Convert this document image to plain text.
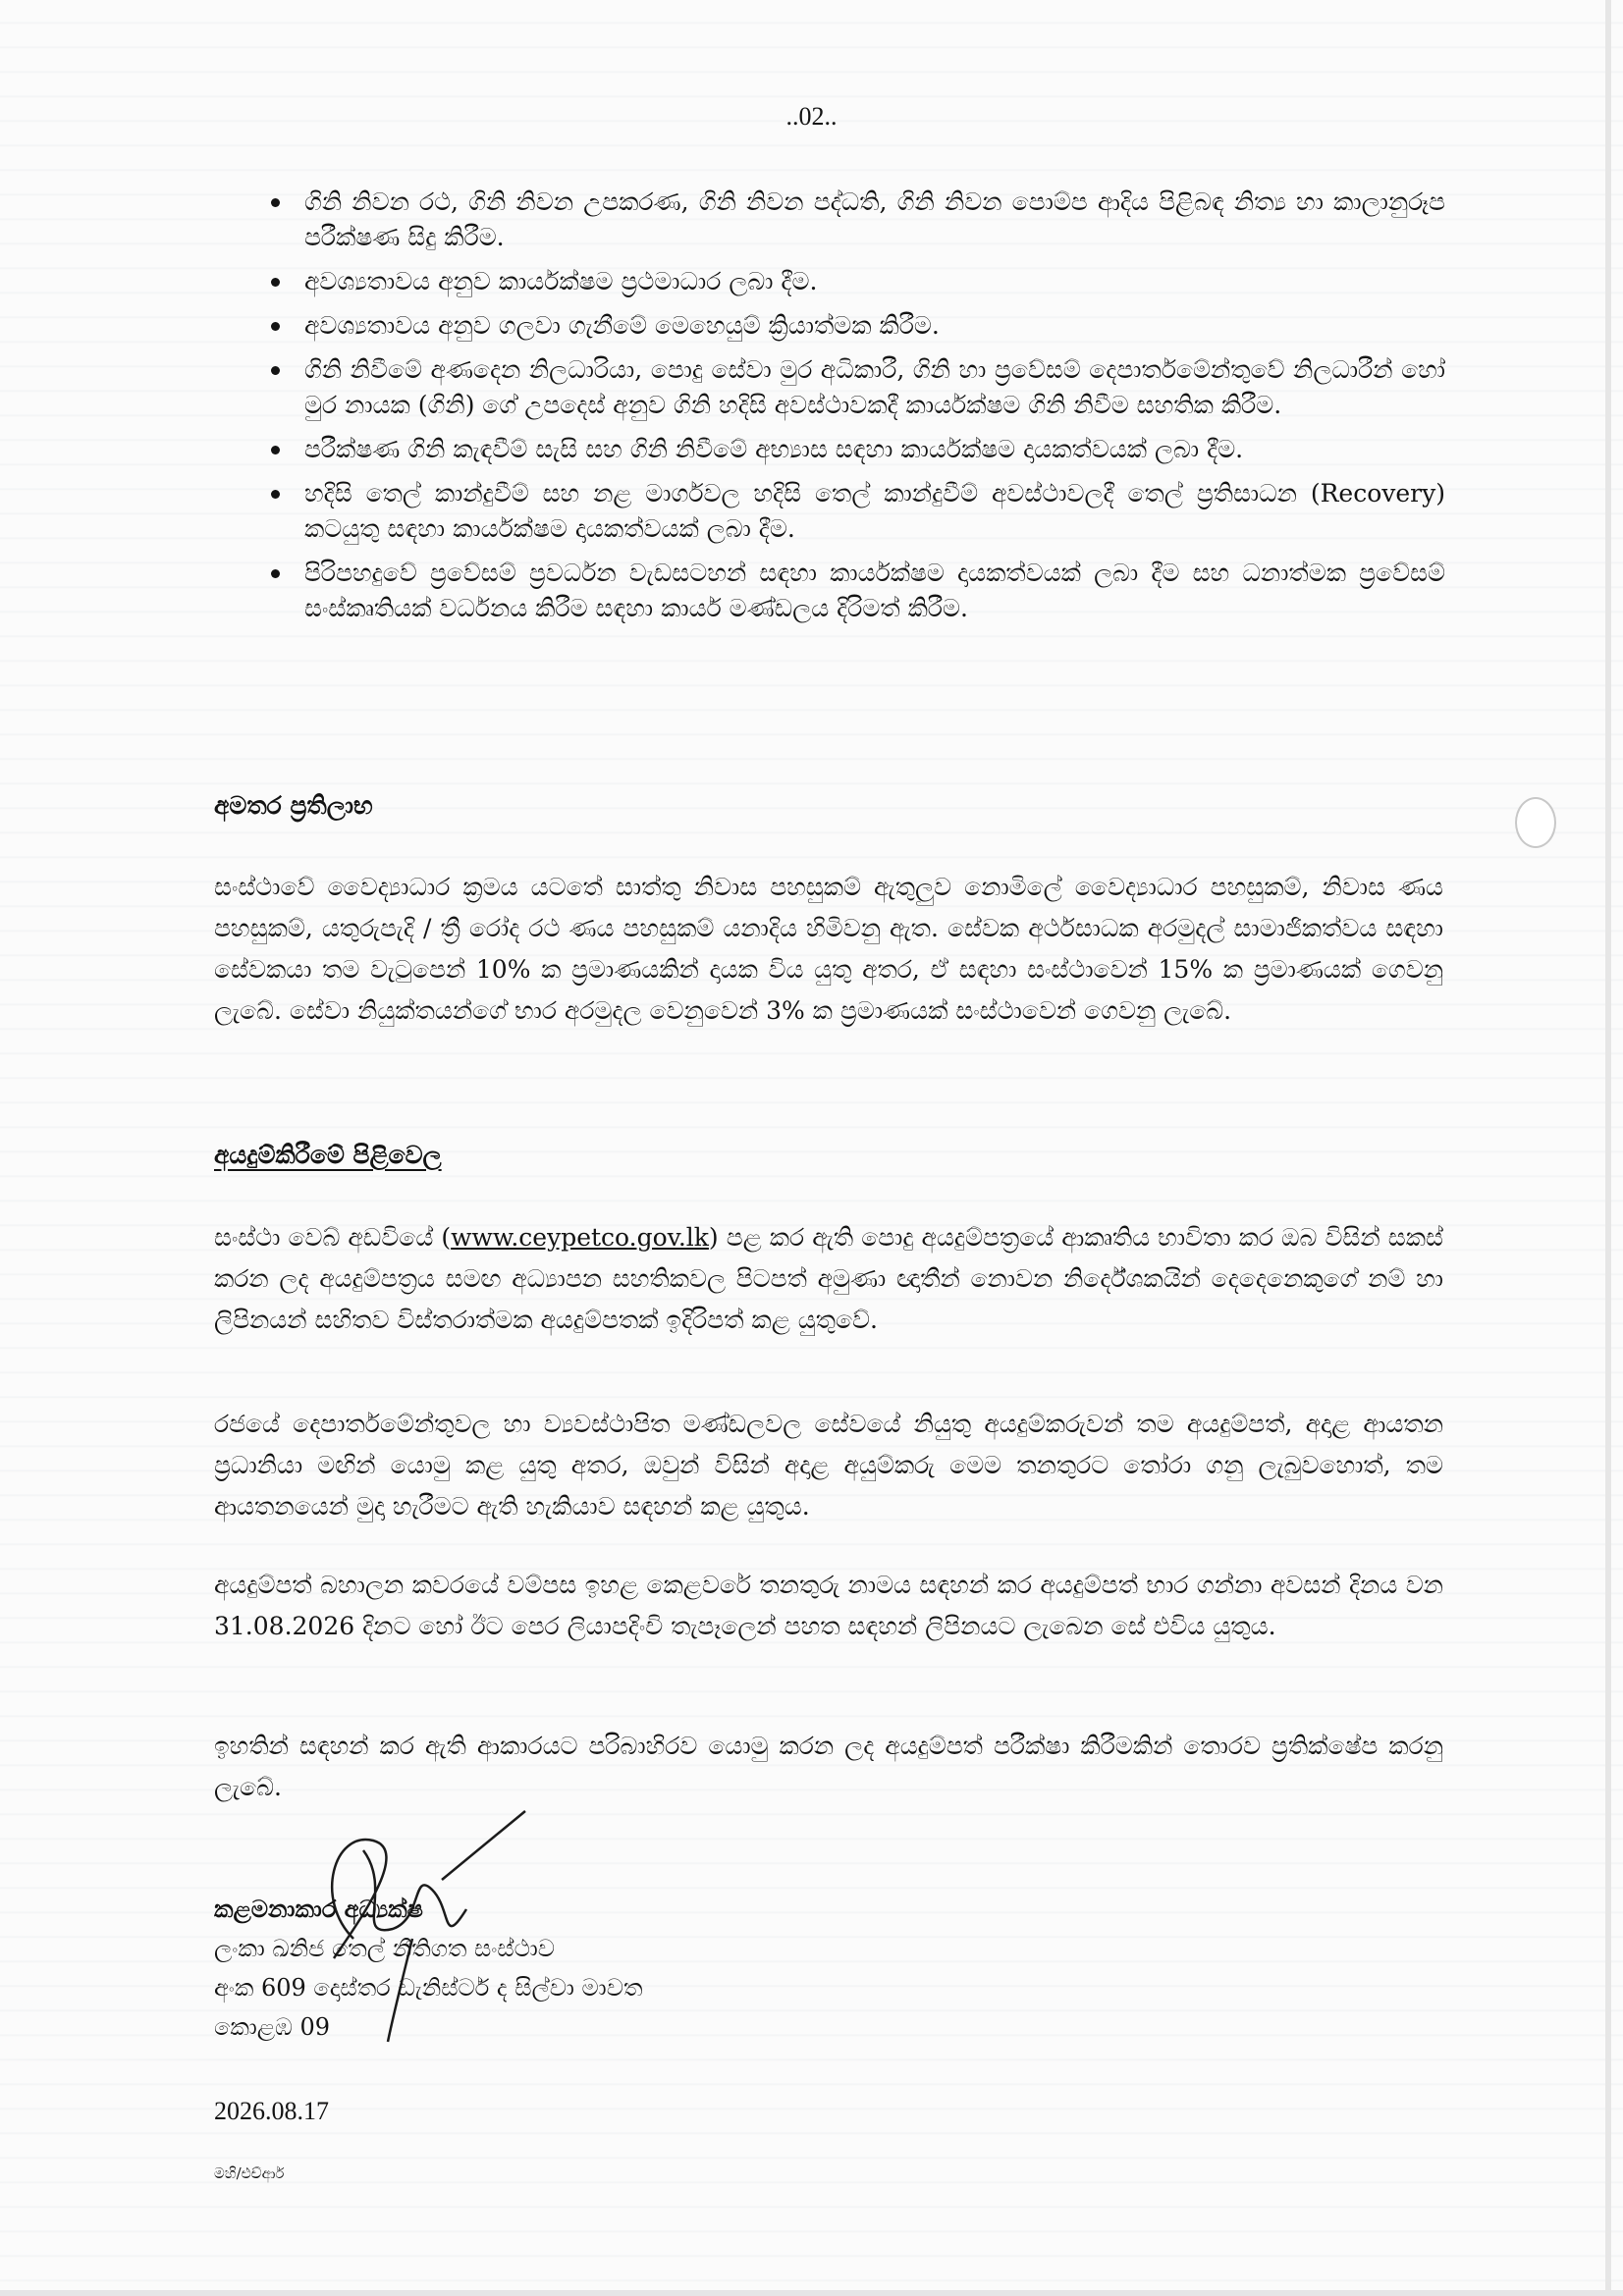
..02..
ගිනි නිවන රථ, ගිනි නිවන උපකරණ, ගිනි නිවන පද්ධති, ගිනි නිවන පොම්ප ආදිය පිළිබඳ නිත්‍ය හා කාලානුරූප පරීක්ෂණ සිදු කිරීම.
අවශ්‍යතාවය අනුව කාර්යක්ෂම ප්‍රථමාධාර ලබා දීම.
අවශ්‍යතාවය අනුව ගලවා ගැනීමේ මෙහෙයුම් ක්‍රියාත්මක කිරීම.
ගිනි නිවීමේ අණදෙන නිලධාරියා, පොදු සේවා මුර අධිකාරී, ගිනි හා ප්‍රවේසම් දෙපාර්තමේන්තුවේ නිලධාරීන් හෝ මුර නායක (ගිනි) ගේ උපදෙස් අනුව ගිනි හදිසි අවස්ථාවකදී කාර්යක්ෂම ගිනි නිවීම සහතික කිරීම.
පරීක්ෂණ ගිනි කැඳවීම් සැසි සහ ගිනි නිවීමේ අභ්‍යාස සඳහා කාර්යක්ෂම දායකත්වයක් ලබා දීම.
හදිසි තෙල් කාන්දුවීම් සහ නළ මාර්ගවල හදිසි තෙල් කාන්දුවීම් අවස්ථාවලදී තෙල් ප්‍රතිසාධන (Recovery) කටයුතු සඳහා කාර්යක්ෂම දායකත්වයක් ලබා දීම.
පිරිපහදුවේ ප්‍රවේසම් ප්‍රවර්ධන වැඩසටහන් සඳහා කාර්යක්ෂම දායකත්වයක් ලබා දීම සහ ධනාත්මක ප්‍රවේසම් සංස්කෘතියක් වර්ධනය කිරීම සඳහා කාර්ය මණ්ඩලය දිරිමත් කිරීම.
අමතර ප්‍රතිලාභ

සංස්ථාවේ වෛද්‍යාධාර ක්‍රමය යටතේ සාත්තු නිවාස පහසුකම් ඇතුලුව නොමිලේ වෛද්‍යාධාර පහසුකම්, නිවාස ණය පහසුකම්, යතුරුපැදි / ත්‍රී රෝද රථ ණය පහසුකම් යනාදිය හිමිවනු ඇත. සේවක අර්ථසාධක අරමුදල් සාමාජිකත්වය සඳහා සේවකයා තම වැටුපෙන් 10% ක ප්‍රමාණයකින් දායක විය යුතු අතර, ඒ සඳහා සංස්ථාවෙන් 15% ක ප්‍රමාණයක් ගෙවනු ලැබේ. සේවා නියුක්තයන්ගේ භාර අරමුදල වෙනුවෙන් 3% ක ප්‍රමාණයක් සංස්ථාවෙන් ගෙවනු ලැබේ.

අයදුම්කිරීමේ පිළිවෙල

සංස්ථා වෙබ් අඩවියේ (www.ceypetco.gov.lk) පළ කර ඇති පොදු අයදුම්පත්‍රයේ ආකෘතිය භාවිතා කර ඔබ විසින් සකස් කරන ලද අයදුම්පත්‍රය සමඟ අධ්‍යාපන සහතිකවල පිටපත් අමුණා ඥාතීන් නොවන නිර්දේශකයින් දෙදෙනෙකුගේ නම් හා ලිපිනයන් සහිතව විස්තරාත්මක අයදුම්පතක් ඉදිරිපත් කළ යුතුවේ.

රජයේ දෙපාර්තමේන්තුවල හා ව්‍යවස්ථාපිත මණ්ඩලවල සේවයේ නියුතු අයදුම්කරුවන් තම අයදුම්පත්, අදාළ ආයතන ප්‍රධානියා මඟින් යොමු කළ යුතු අතර, ඔවුන් විසින් අදාළ අයුම්කරු මෙම තනතුරට තෝරා ගනු ලැබුවහොත්, තම ආයතනයෙන් මුදා හැරීමට ඇති හැකියාව සඳහන් කළ යුතුය.

අයදුම්පත් බහාලන කවරයේ වම්පස ඉහළ කෙළවරේ තනතුරු නාමය සඳහන් කර අයදුම්පත් භාර ගන්නා අවසන් දිනය වන 31.08.2026 දිනට හෝ ඊට පෙර ලියාපදිංචි තැපෑලෙන් පහත සඳහන් ලිපිනයට ලැබෙන සේ එවිය යුතුය.

ඉහතින් සඳහන් කර ඇති ආකාරයට පරිබාහිරව යොමු කරන ලද අයදුම්පත් පරීක්ෂා කිරීමකින් තොරව ප්‍රතික්ෂේප කරනු ලැබේ.

කළමනාකාර අධ්‍යක්ෂ
ලංකා ඛනිජ තෙල් නීතිගත සංස්ථාව
අංක 609 දොස්තර ඩැනිස්ටර් ද සිල්වා මාවත
කොළඹ 09
2026.08.17
මහි/එච්ආර්
